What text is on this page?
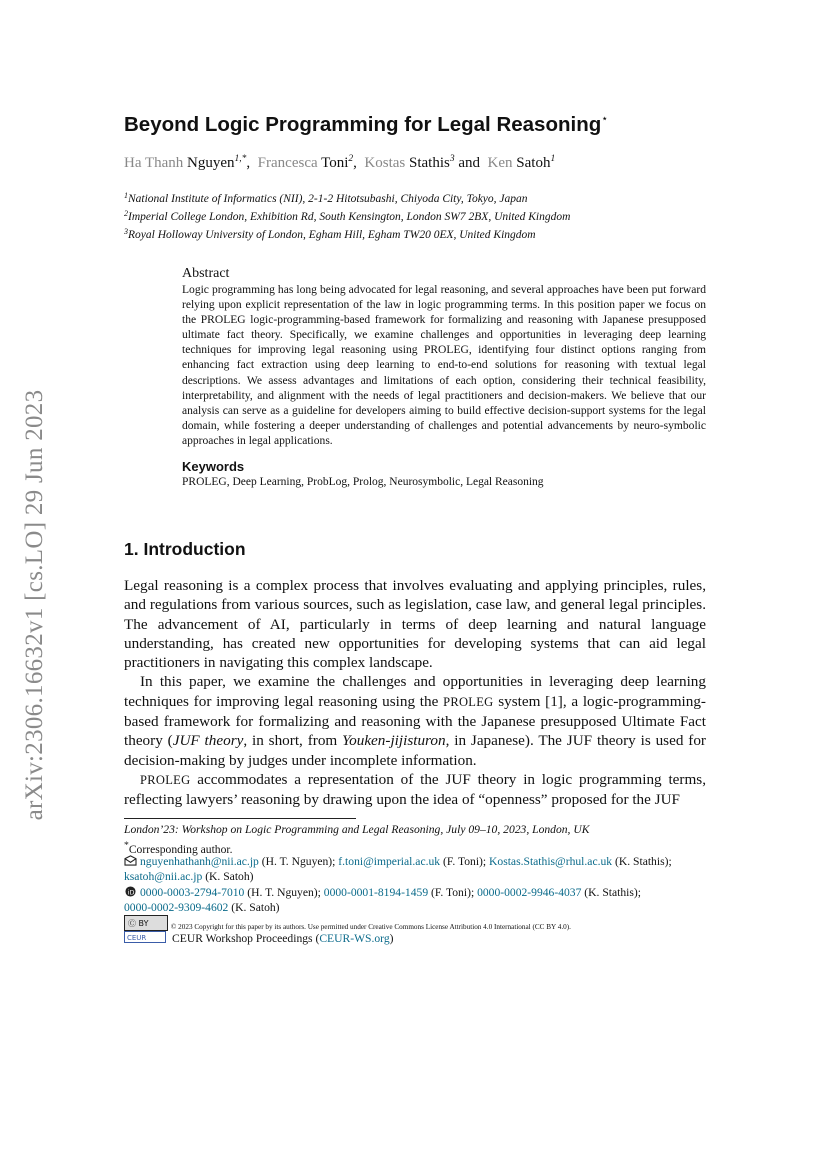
arXiv:2306.16632v1 [cs.LO] 29 Jun 2023
Beyond Logic Programming for Legal Reasoning⋆
Ha Thanh Nguyen$^{1,*}$, Francesca Toni$^2$, Kostas Stathis$^3$ and Ken Satoh$^1$
$^1$National Institute of Informatics (NII), 2-1-2 Hitotsubashi, Chiyoda City, Tokyo, Japan
$^2$Imperial College London, Exhibition Rd, South Kensington, London SW7 2BX, United Kingdom
$^3$Royal Holloway University of London, Egham Hill, Egham TW20 0EX, United Kingdom
Abstract

Logic programming has long being advocated for legal reasoning, and several approaches have been put forward relying upon explicit representation of the law in logic programming terms. In this position paper we focus on the PROLEG logic-programming-based framework for formalizing and reasoning with Japanese presupposed ultimate fact theory. Specifically, we examine challenges and opportunities in leveraging deep learning techniques for improving legal reasoning using PROLEG, identifying four distinct options ranging from enhancing fact extraction using deep learning to end-to-end solutions for reasoning with textual legal descriptions. We assess advantages and limitations of each option, considering their technical feasibility, interpretability, and alignment with the needs of legal practitioners and decision-makers. We believe that our analysis can serve as a guideline for developers aiming to build effective decision-support systems for the legal domain, while fostering a deeper understanding of challenges and potential advancements by neuro-symbolic approaches in legal applications.

Keywords
PROLEG, Deep Learning, ProbLog, Prolog, Neurosymbolic, Legal Reasoning
1. Introduction

Legal reasoning is a complex process that involves evaluating and applying principles, rules, and regulations from various sources, such as legislation, case law, and general legal principles. The advancement of AI, particularly in terms of deep learning and natural language understanding, has created new opportunities for developing systems that can aid legal practitioners in navigating this complex landscape.

In this paper, we examine the challenges and opportunities in leveraging deep learning techniques for improving legal reasoning using the PROLEG system [1], a logic-programming-based framework for formalizing and reasoning with the Japanese presupposed Ultimate Fact theory (JUF theory, in short, from Youken-jijisturon, in Japanese). The JUF theory is used for decision-making by judges under incomplete information.

PROLEG accommodates a representation of the JUF theory in logic programming terms, reflecting lawyers’ reasoning by drawing upon the idea of “openness” proposed for the JUF

London’23: Workshop on Logic Programming and Legal Reasoning, July 09–10, 2023, London, UK
*Corresponding author.
nguyenhathanh@nii.ac.jp (H. T. Nguyen); f.toni@imperial.ac.uk (F. Toni); Kostas.Stathis@rhul.ac.uk (K. Stathis);
ksatoh@nii.ac.jp (K. Satoh)
iD 0000-0003-2794-7010 (H. T. Nguyen); 0000-0001-8194-1459 (F. Toni); 0000-0002-9946-4037 (K. Stathis);
0000-0002-9309-4602 (K. Satoh)
Ⓒ BY	© 2023 Copyright for this paper by its authors. Use permitted under Creative Commons License Attribution 4.0 International (CC BY 4.0).
CEUR CEUR Workshop Proceedings (CEUR-WS.org)
